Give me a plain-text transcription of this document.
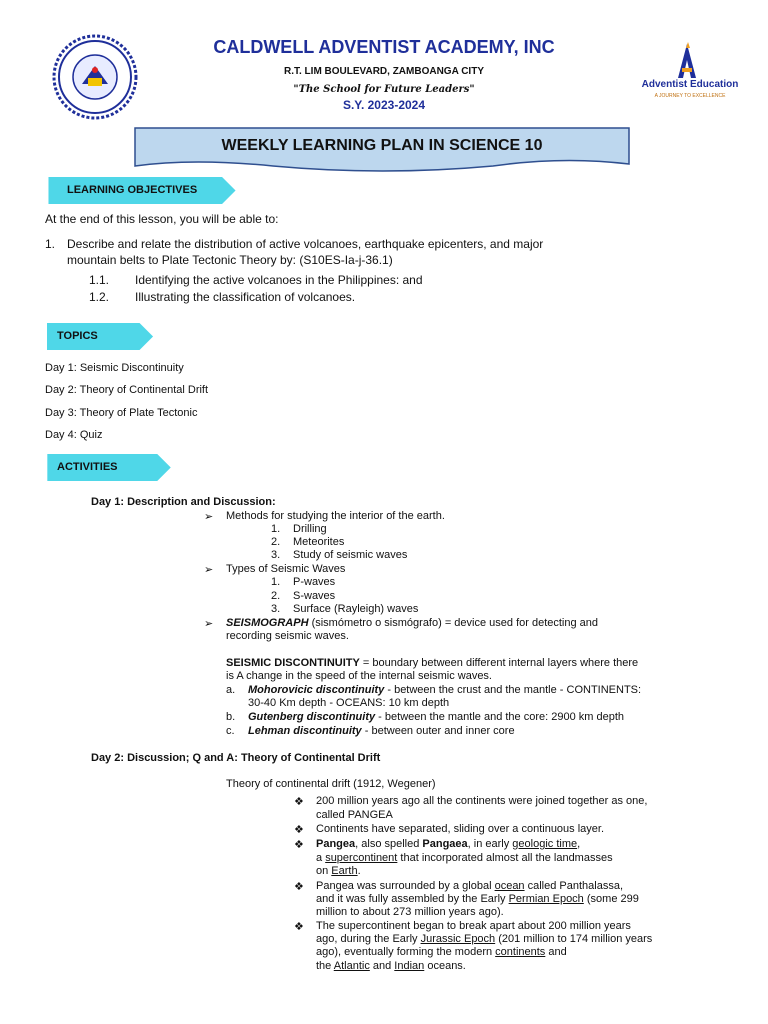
Adventist Education
A JOURNEY TO EXCELLENCE
CALDWELL ADVENTIST ACADEMY, INC
R.T. LIM BOULEVARD, ZAMBOANGA CITY
"The School for Future Leaders"
S.Y. 2023-2024
WEEKLY LEARNING PLAN IN SCIENCE 10
LEARNING OBJECTIVES
At the end of this lesson, you will be able to:
1. Describe and relate the distribution of active volcanoes, earthquake epicenters, and major
mountain belts to Plate Tectonic Theory by: (S10ES-Ia-j-36.1)
1.1. Identifying the active volcanoes in the Philippines: and
1.2. Illustrating the classification of volcanoes.
TOPICS
Day 1: Seismic Discontinuity
Day 2: Theory of Continental Drift
Day 3: Theory of Plate Tectonic
Day 4: Quiz
ACTIVITIES
Day 1: Description and Discussion:
➢ Methods for studying the interior of the earth.
1. Drilling
2. Meteorites
3. Study of seismic waves
➢ Types of Seismic Waves
1. P-waves
2. S-waves
3. Surface (Rayleigh) waves
➢ SEISMOGRAPH (sismómetro o sismógrafo) = device used for detecting and
recording seismic waves.
SEISMIC DISCONTINUITY = boundary between different internal layers where there
is A change in the speed of the internal seismic waves.
a. Mohorovicic discontinuity - between the crust and the mantle - CONTINENTS:
30-40 Km depth - OCEANS: 10 km depth
b. Gutenberg discontinuity - between the mantle and the core: 2900 km depth
c. Lehman discontinuity - between outer and inner core
Day 2: Discussion; Q and A: Theory of Continental Drift
Theory of continental drift (1912, Wegener)
❖ 200 million years ago all the continents were joined together as one,
called PANGEA
❖ Continents have separated, sliding over a continuous layer.
❖ Pangea, also spelled Pangaea, in early geologic time,
a supercontinent that incorporated almost all the landmasses
on Earth.
❖ Pangea was surrounded by a global ocean called Panthalassa,
and it was fully assembled by the Early Permian Epoch (some 299
million to about 273 million years ago).
❖ The supercontinent began to break apart about 200 million years
ago, during the Early Jurassic Epoch (201 million to 174 million years
ago), eventually forming the modern continents and
the Atlantic and Indian oceans.
